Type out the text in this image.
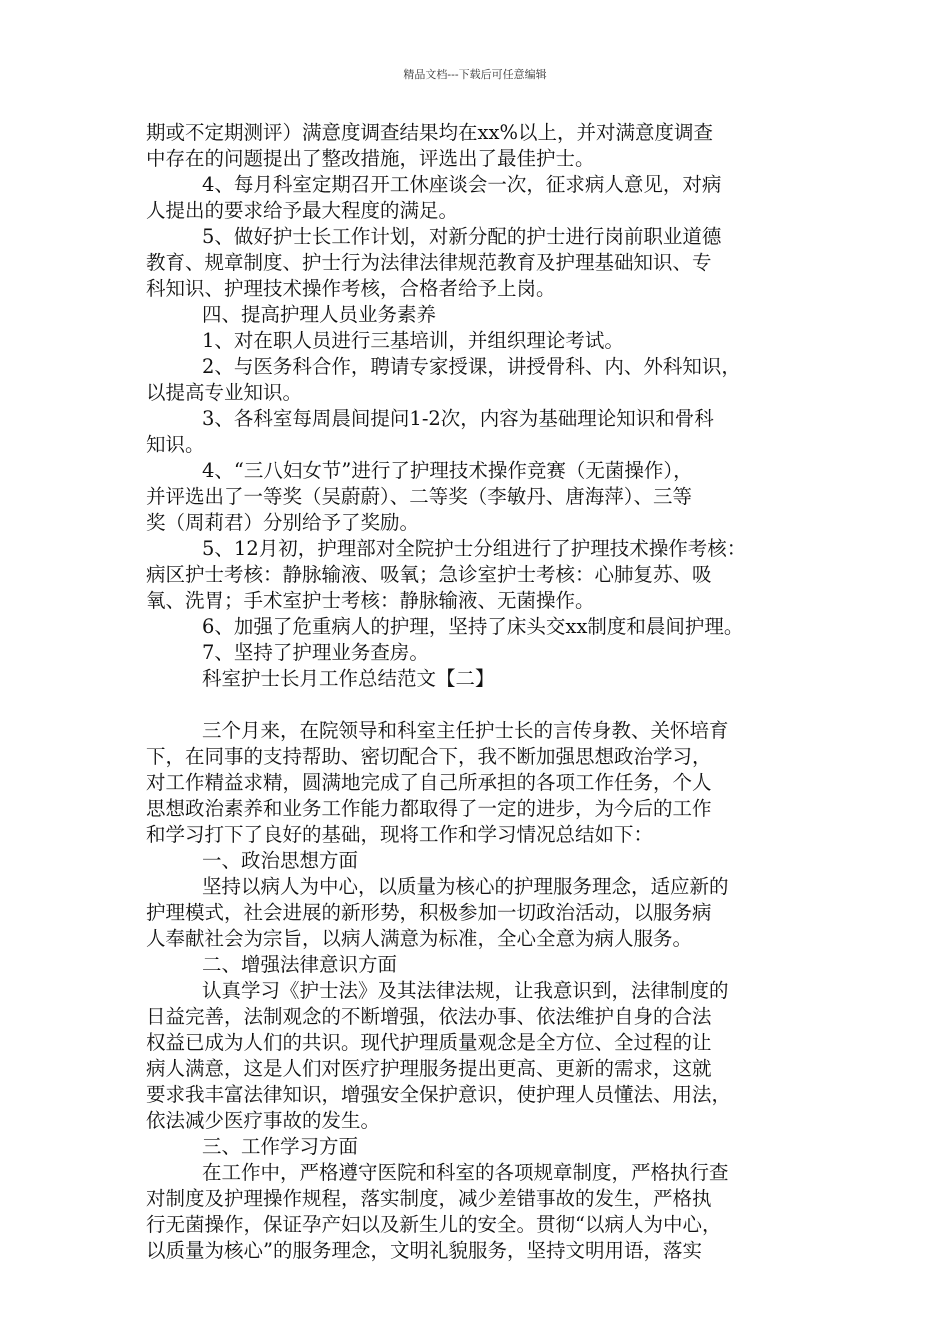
精品文档---下载后可任意编辑
期或不定期测评）满意度调查结果均在xx%以上，并对满意度调查
中存在的问题提出了整改措施，评选出了最佳护士。
4、每月科室定期召开工休座谈会一次，征求病人意见，对病
人提出的要求给予最大程度的满足。
5、做好护士长工作计划，对新分配的护士进行岗前职业道德
教育、规章制度、护士行为法律法律规范教育及护理基础知识、专
科知识、护理技术操作考核，合格者给予上岗。
四、提高护理人员业务素养
1、对在职人员进行三基培训，并组织理论考试。
2、与医务科合作，聘请专家授课，讲授骨科、内、外科知识，
以提高专业知识。
3、各科室每周晨间提问1-2次，内容为基础理论知识和骨科
知识。
4、“三八妇女节”进行了护理技术操作竞赛（无菌操作），
并评选出了一等奖（吴蔚蔚）、二等奖（李敏丹、唐海萍）、三等
奖（周莉君）分别给予了奖励。
5、12月初，护理部对全院护士分组进行了护理技术操作考核：
病区护士考核：静脉输液、吸氧；急诊室护士考核：心肺复苏、吸
氧、洗胃；手术室护士考核：静脉输液、无菌操作。
6、加强了危重病人的护理，坚持了床头交xx制度和晨间护理。
7、坚持了护理业务查房。
科室护士长月工作总结范文【二】
三个月来，在院领导和科室主任护士长的言传身教、关怀培育
下，在同事的支持帮助、密切配合下，我不断加强思想政治学习，
对工作精益求精，圆满地完成了自己所承担的各项工作任务，个人
思想政治素养和业务工作能力都取得了一定的进步，为今后的工作
和学习打下了良好的基础，现将工作和学习情况总结如下：
一、政治思想方面
坚持以病人为中心，以质量为核心的护理服务理念，适应新的
护理模式，社会进展的新形势，积极参加一切政治活动，以服务病
人奉献社会为宗旨，以病人满意为标准，全心全意为病人服务。
二、增强法律意识方面
认真学习《护士法》及其法律法规，让我意识到，法律制度的
日益完善，法制观念的不断增强，依法办事、依法维护自身的合法
权益已成为人们的共识。现代护理质量观念是全方位、全过程的让
病人满意，这是人们对医疗护理服务提出更高、更新的需求，这就
要求我丰富法律知识，增强安全保护意识，使护理人员懂法、用法，
依法减少医疗事故的发生。
三、工作学习方面
在工作中，严格遵守医院和科室的各项规章制度，严格执行查
对制度及护理操作规程，落实制度，减少差错事故的发生，严格执
行无菌操作，保证孕产妇以及新生儿的安全。贯彻“以病人为中心，
以质量为核心”的服务理念，文明礼貌服务，坚持文明用语，落实
